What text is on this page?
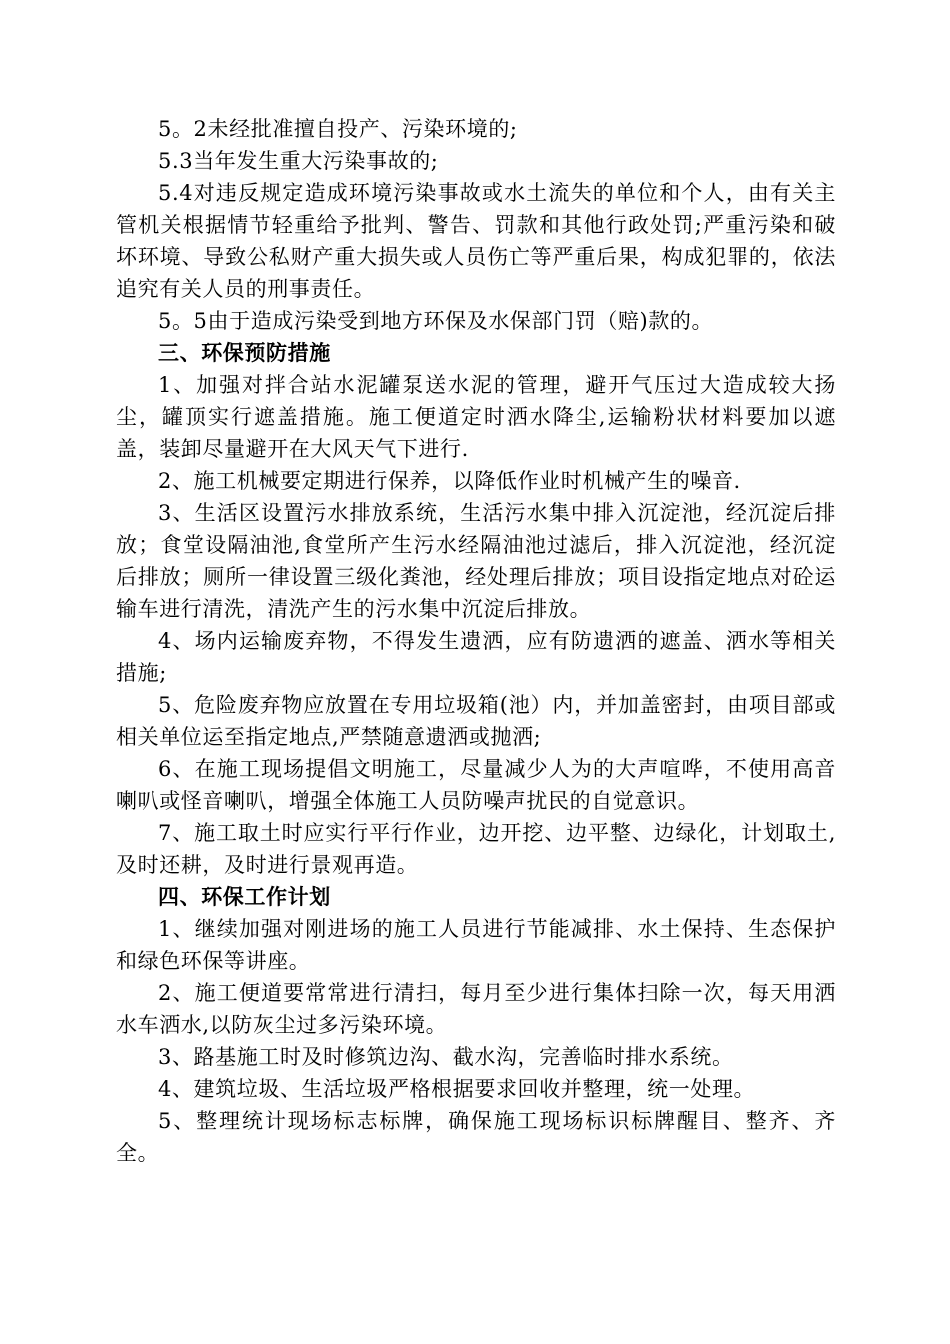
5。2未经批准擅自投产、污染环境的;

5.3当年发生重大污染事故的;

5.4对违反规定造成环境污染事故或水土流失的单位和个人，由有关主管机关根据情节轻重给予批判、警告、罚款和其他行政处罚;严重污染和破坏环境、导致公私财产重大损失或人员伤亡等严重后果，构成犯罪的，依法追究有关人员的刑事责任。

5。5由于造成污染受到地方环保及水保部门罚（赔)款的。

三、环保预防措施

1、加强对拌合站水泥罐泵送水泥的管理，避开气压过大造成较大扬尘，罐顶实行遮盖措施。施工便道定时洒水降尘,运输粉状材料要加以遮盖，装卸尽量避开在大风天气下进行.

2、施工机械要定期进行保养，以降低作业时机械产生的噪音.

3、生活区设置污水排放系统，生活污水集中排入沉淀池，经沉淀后排放；食堂设隔油池,食堂所产生污水经隔油池过滤后，排入沉淀池，经沉淀后排放；厕所一律设置三级化粪池，经处理后排放；项目设指定地点对砼运输车进行清洗，清洗产生的污水集中沉淀后排放。

4、场内运输废弃物，不得发生遗洒，应有防遗洒的遮盖、洒水等相关措施;

5、危险废弃物应放置在专用垃圾箱(池）内，并加盖密封，由项目部或相关单位运至指定地点,严禁随意遗洒或抛洒;

6、在施工现场提倡文明施工，尽量减少人为的大声喧哗，不使用高音喇叭或怪音喇叭，增强全体施工人员防噪声扰民的自觉意识。

7、施工取土时应实行平行作业，边开挖、边平整、边绿化，计划取土,及时还耕，及时进行景观再造。

四、环保工作计划

1、继续加强对刚进场的施工人员进行节能减排、水土保持、生态保护和绿色环保等讲座。

2、施工便道要常常进行清扫，每月至少进行集体扫除一次，每天用洒水车洒水,以防灰尘过多污染环境。

3、路基施工时及时修筑边沟、截水沟，完善临时排水系统。

4、建筑垃圾、生活垃圾严格根据要求回收并整理，统一处理。

5、整理统计现场标志标牌，确保施工现场标识标牌醒目、整齐、齐全。
